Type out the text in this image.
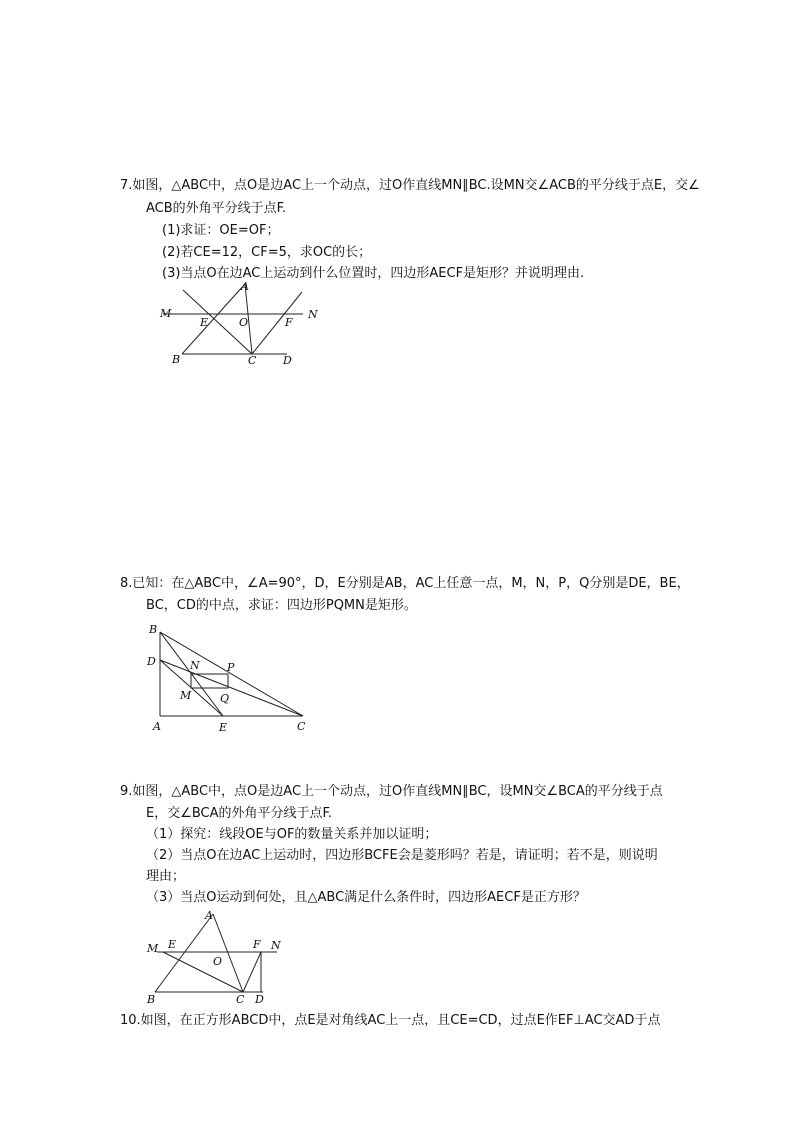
7.如图，△ABC中，点O是边AC上一个动点，过O作直线MN∥BC.设MN交∠ACB的平分线于点E，交∠
ACB的外角平分线于点F.
(1)求证：OE=OF；
(2)若CE=12，CF=5，求OC的长；
(3)当点O在边AC上运动到什么位置时，四边形AECF是矩形？并说明理由.
A
M
E	O	F
N
B	C D
8.已知：在△ABC中，∠A=90°，D，E分别是AB，AC上任意一点，M，N，P，Q分别是DE，BE，
BC，CD的中点，求证：四边形PQMN是矩形。
B
D	N P
M	Q
A	E	C
9.如图，△ABC中，点O是边AC上一个动点，过O作直线MN∥BC，设MN交∠BCA的平分线于点
E，交∠BCA的外角平分线于点F.
（1）探究：线段OE与OF的数量关系并加以证明；
（2）当点O在边AC上运动时，四边形BCFE会是菱形吗？若是，请证明；若不是，则说明
理由；
（3）当点O运动到何处，且△ABC满足什么条件时，四边形AECF是正方形？
A
M E	F N
O
B	C D
10.如图，在正方形ABCD中，点E是对角线AC上一点，且CE=CD，过点E作EF⊥AC交AD于点
